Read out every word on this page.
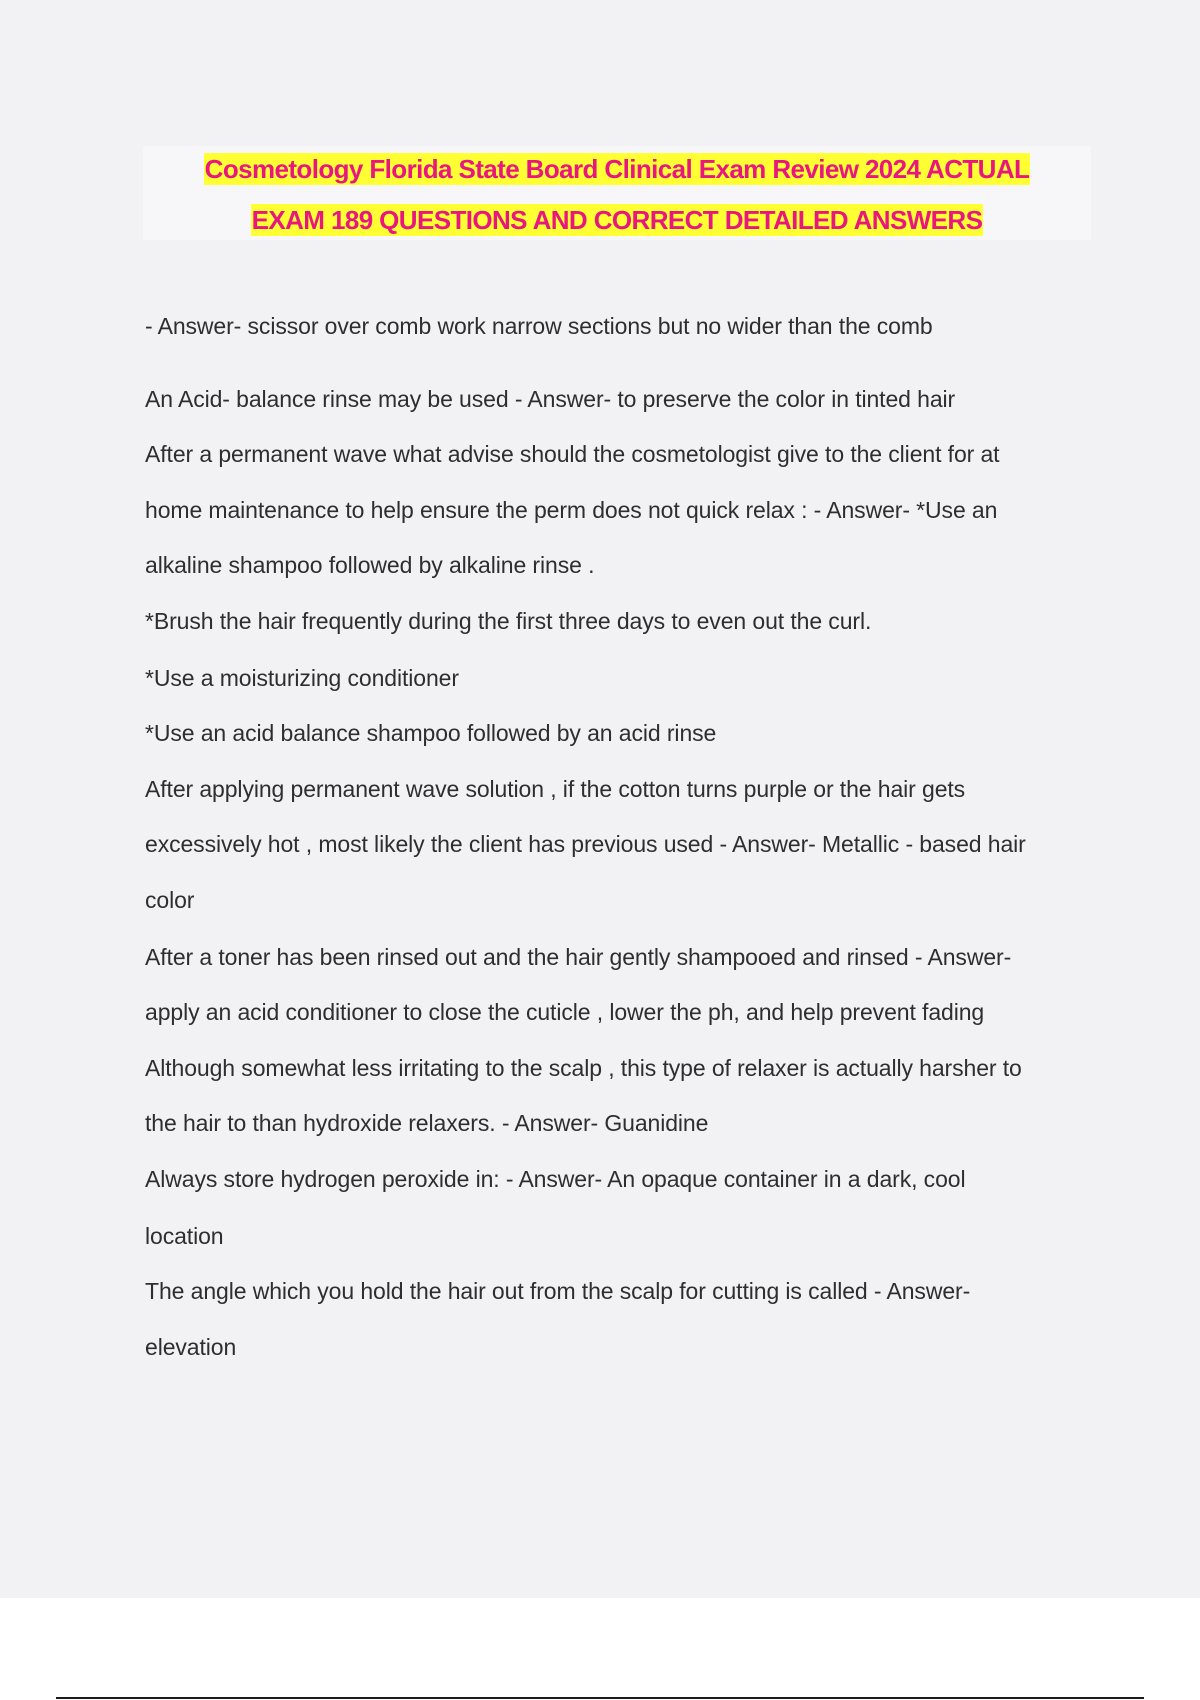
Cosmetology Florida State Board Clinical Exam Review 2024 ACTUAL
EXAM 189 QUESTIONS AND CORRECT DETAILED ANSWERS
- Answer- scissor over comb work narrow sections but no wider than the comb
An Acid- balance rinse may be used - Answer- to preserve the color in tinted hair
After a permanent wave what advise should the cosmetologist give to the client for at
home maintenance to help ensure the perm does not quick relax : - Answer- *Use an
alkaline shampoo followed by alkaline rinse .
*Brush the hair frequently during the first three days to even out the curl.
*Use a moisturizing conditioner
*Use an acid balance shampoo followed by an acid rinse
After applying permanent wave solution , if the cotton turns purple or the hair gets
excessively hot , most likely the client has previous used - Answer- Metallic - based hair
color
After a toner has been rinsed out and the hair gently shampooed and rinsed - Answer-
apply an acid conditioner to close the cuticle , lower the ph, and help prevent fading
Although somewhat less irritating to the scalp , this type of relaxer is actually harsher to
the hair to than hydroxide relaxers. - Answer- Guanidine
Always store hydrogen peroxide in: - Answer- An opaque container in a dark, cool
location
The angle which you hold the hair out from the scalp for cutting is called - Answer-
elevation
